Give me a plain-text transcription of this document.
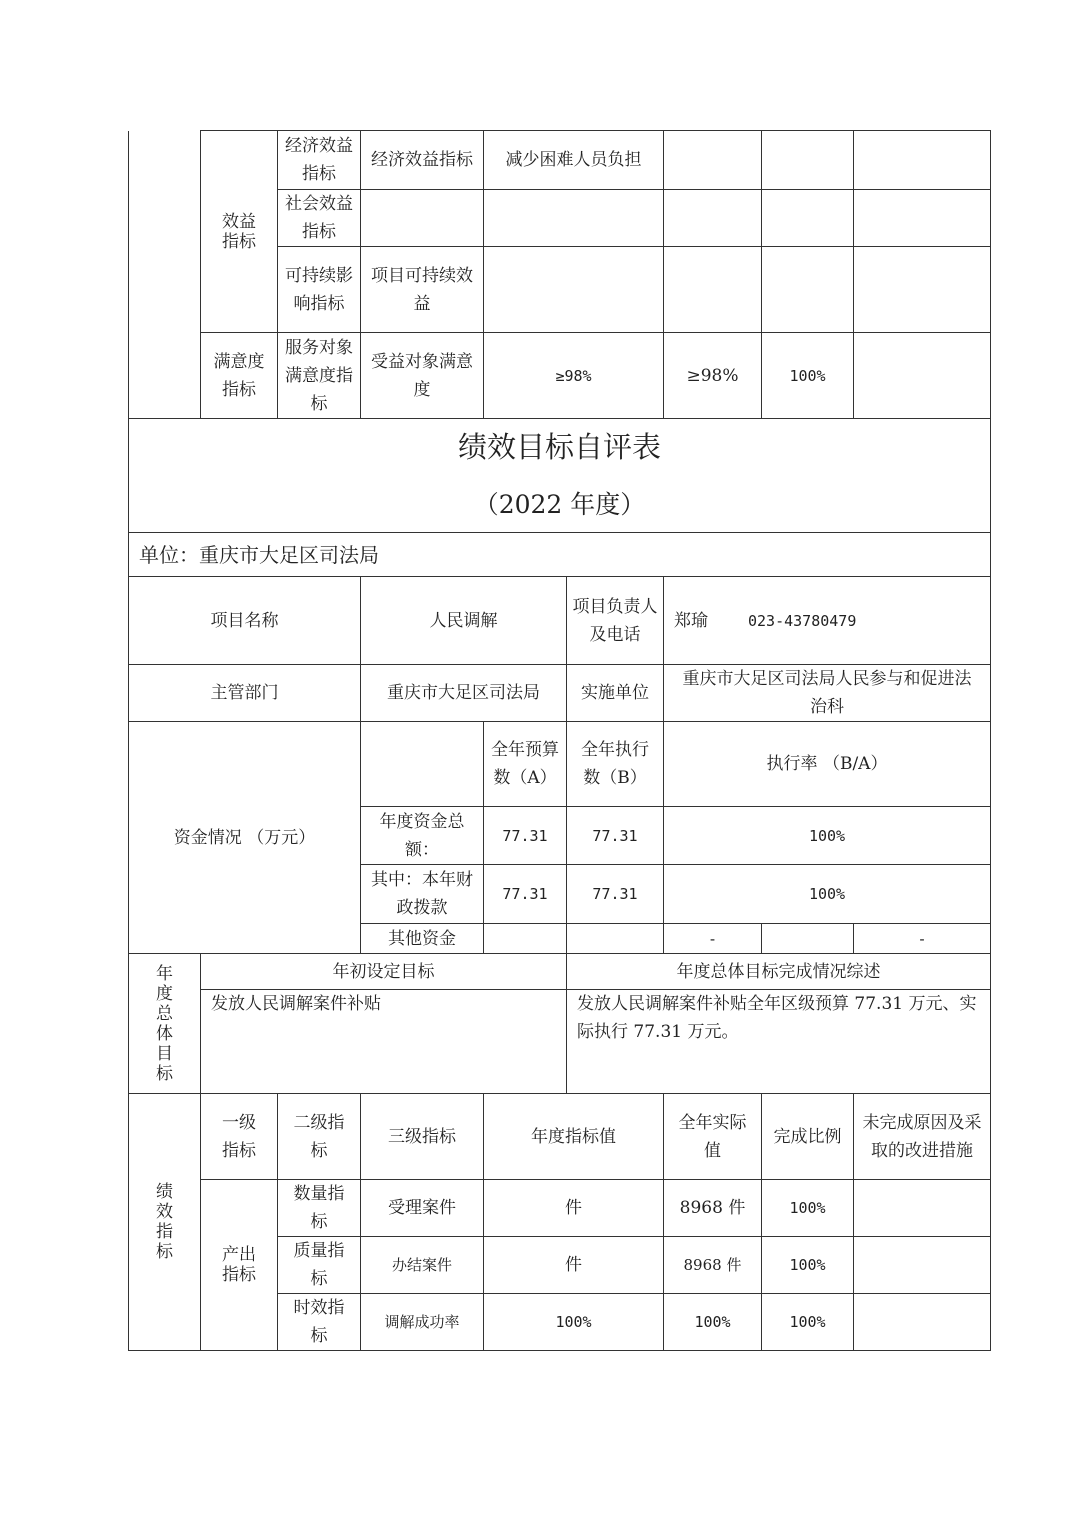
	效益指标	经济效益指标	经济效益指标	减少困难人员负担				
		社会效益指标						
		可持续影响指标	项目可持续效益					
	满意度指标	服务对象满意度指标	受益对象满意度	≥98%		≥98%	100%	

绩效目标自评表
（2022 年度）								

单位：重庆市大足区司法局								
项目名称			人民调解		项目负责人及电话	郑瑜 023-43780479		
主管部门			重庆市大足区司法局		实施单位	重庆市大足区司法局人民参与和促进法治科		
资金情况 （万元）				全年预算数（A）	全年执行数（B）	执行率 （B/A）		
			年度资金总额：	77.31	77.31	100%		
			其中：本年财政拨款	77.31	77.31	100%		
			其他资金			-		-
年度总体目标	年初设定目标				年度总体目标完成情况综述			
	发放人民调解案件补贴				发放人民调解案件补贴全年区级预算 77.31 万元、实际执行 77.31 万元。			
绩效指标	一级指标	二级指标	三级指标	年度指标值		全年实际值	完成比例	未完成原因及采取的改进措施
	产出指标	数量指标	受理案件	件		8968 件	100%	
		质量指标	办结案件	件		8968 件	100%	
		时效指标	调解成功率	100%		100%	100%	
